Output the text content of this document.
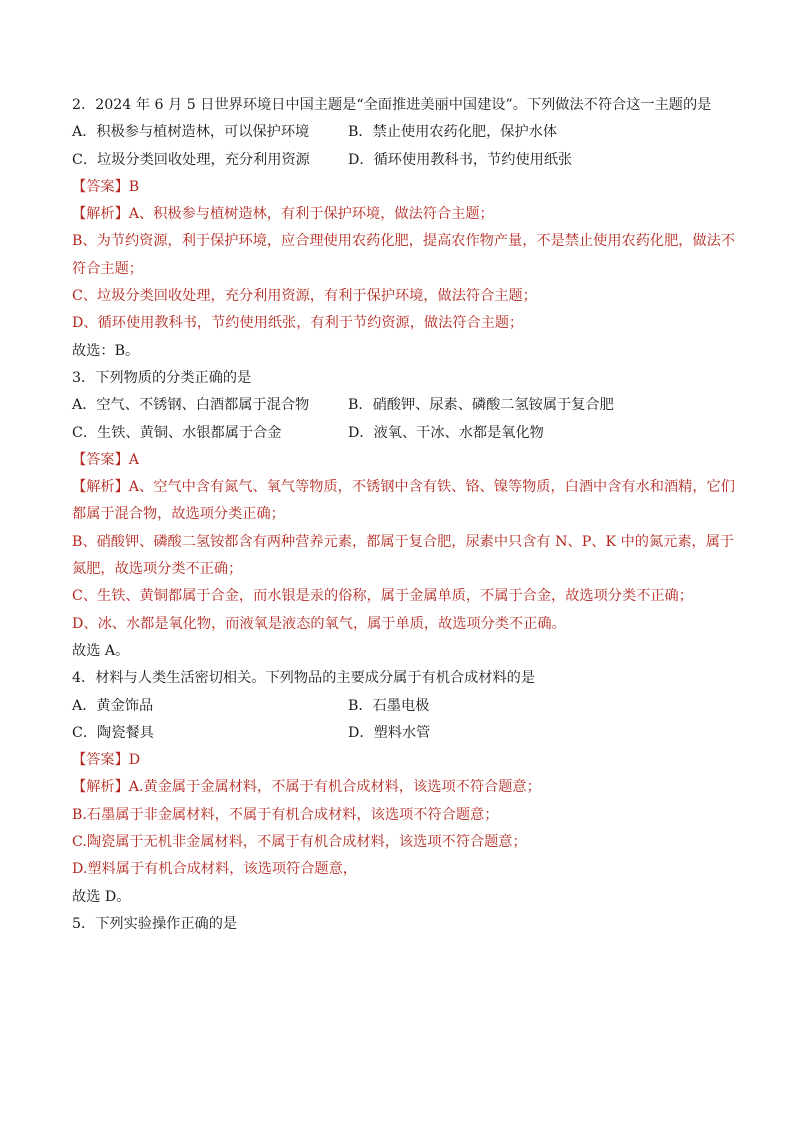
2．2024 年 6 月 5 日世界环境日中国主题是“全面推进美丽中国建设”。下列做法不符合这一主题的是

A．积极参与植树造林，可以保护环境	B．禁止使用农药化肥，保护水体
C．垃圾分类回收处理，充分利用资源	D．循环使用教科书，节约使用纸张

【答案】B

【解析】A、积极参与植树造林，有利于保护环境，做法符合主题；

B、为节约资源，利于保护环境，应合理使用农药化肥，提高农作物产量，不是禁止使用农药化肥，做法不

符合主题；

C、垃圾分类回收处理，充分利用资源，有利于保护环境，做法符合主题；

D、循环使用教科书，节约使用纸张，有利于节约资源，做法符合主题；

故选：B。

3．下列物质的分类正确的是

A．空气、不锈钢、白酒都属于混合物	B．硝酸钾、尿素、磷酸二氢铵属于复合肥
C．生铁、黄铜、水银都属于合金	D．液氧、干冰、水都是氧化物

【答案】A

【解析】A、空气中含有氮气、氧气等物质，不锈钢中含有铁、铬、镍等物质，白酒中含有水和酒精，它们

都属于混合物，故选项分类正确；

B、硝酸钾、磷酸二氢铵都含有两种营养元素，都属于复合肥，尿素中只含有 N、P、K 中的氮元素，属于

氮肥，故选项分类不正确；

C、生铁、黄铜都属于合金，而水银是汞的俗称，属于金属单质，不属于合金，故选项分类不正确；

D、冰、水都是氧化物，而液氧是液态的氧气，属于单质，故选项分类不正确。

故选 A。

4．材料与人类生活密切相关。下列物品的主要成分属于有机合成材料的是

A．黄金饰品	B．石墨电极
C．陶瓷餐具	D．塑料水管

【答案】D

【解析】A.黄金属于金属材料，不属于有机合成材料，该选项不符合题意；

B.石墨属于非金属材料，不属于有机合成材料，该选项不符合题意；

C.陶瓷属于无机非金属材料，不属于有机合成材料，该选项不符合题意；

D.塑料属于有机合成材料，该选项符合题意，

故选 D。

5．下列实验操作正确的是
